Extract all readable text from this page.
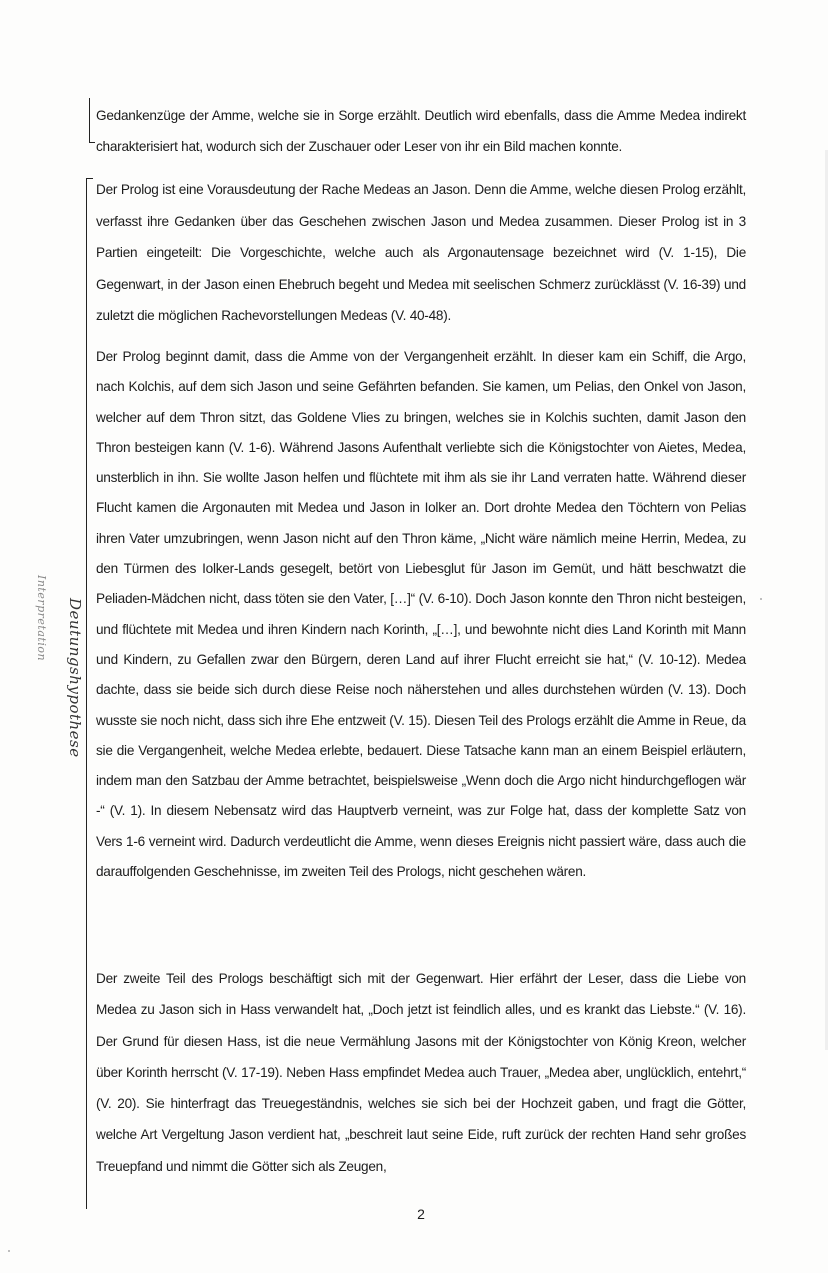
Interpretation Deutungshypothese

Gedankenzüge der Amme, welche sie in Sorge erzählt. Deutlich wird ebenfalls, dass die Amme Medea indirekt charakterisiert hat, wodurch sich der Zuschauer oder Leser von ihr ein Bild machen konnte.

Der Prolog ist eine Vorausdeutung der Rache Medeas an Jason. Denn die Amme, welche diesen Prolog erzählt, verfasst ihre Gedanken über das Geschehen zwischen Jason und Medea zusammen. Dieser Prolog ist in 3 Partien eingeteilt: Die Vorgeschichte, welche auch als Argonautensage bezeichnet wird (V. 1-15), Die Gegenwart, in der Jason einen Ehebruch begeht und Medea mit seelischen Schmerz zurücklässt (V. 16-39) und zuletzt die möglichen Rachevorstellungen Medeas (V. 40-48).

Der Prolog beginnt damit, dass die Amme von der Vergangenheit erzählt. In dieser kam ein Schiff, die Argo, nach Kolchis, auf dem sich Jason und seine Gefährten befanden. Sie kamen, um Pelias, den Onkel von Jason, welcher auf dem Thron sitzt, das Goldene Vlies zu bringen, welches sie in Kolchis suchten, damit Jason den Thron besteigen kann (V. 1-6). Während Jasons Aufenthalt verliebte sich die Königstochter von Aietes, Medea, unsterblich in ihn. Sie wollte Jason helfen und flüchtete mit ihm als sie ihr Land verraten hatte. Während dieser Flucht kamen die Argonauten mit Medea und Jason in Iolker an. Dort drohte Medea den Töchtern von Pelias ihren Vater umzubringen, wenn Jason nicht auf den Thron käme, „Nicht wäre nämlich meine Herrin, Medea, zu den Türmen des Iolker-Lands gesegelt, betört von Liebesglut für Jason im Gemüt, und hätt beschwatzt die Peliaden-Mädchen nicht, dass töten sie den Vater, […]“ (V. 6-10). Doch Jason konnte den Thron nicht besteigen, und flüchtete mit Medea und ihren Kindern nach Korinth, „[…], und bewohnte nicht dies Land Korinth mit Mann und Kindern, zu Gefallen zwar den Bürgern, deren Land auf ihrer Flucht erreicht sie hat,“ (V. 10-12). Medea dachte, dass sie beide sich durch diese Reise noch näherstehen und alles durchstehen würden (V. 13). Doch wusste sie noch nicht, dass sich ihre Ehe entzweit (V. 15). Diesen Teil des Prologs erzählt die Amme in Reue, da sie die Vergangenheit, welche Medea erlebte, bedauert. Diese Tatsache kann man an einem Beispiel erläutern, indem man den Satzbau der Amme betrachtet, beispielsweise „Wenn doch die Argo nicht hindurchgeflogen wär -“ (V. 1). In diesem Nebensatz wird das Hauptverb verneint, was zur Folge hat, dass der komplette Satz von Vers 1-6 verneint wird. Dadurch verdeutlicht die Amme, wenn dieses Ereignis nicht passiert wäre, dass auch die darauffolgenden Geschehnisse, im zweiten Teil des Prologs, nicht geschehen wären.

Der zweite Teil des Prologs beschäftigt sich mit der Gegenwart. Hier erfährt der Leser, dass die Liebe von Medea zu Jason sich in Hass verwandelt hat, „Doch jetzt ist feindlich alles, und es krankt das Liebste.“ (V. 16). Der Grund für diesen Hass, ist die neue Vermählung Jasons mit der Königstochter von König Kreon, welcher über Korinth herrscht (V. 17-19). Neben Hass empfindet Medea auch Trauer, „Medea aber, unglücklich, entehrt,“ (V. 20). Sie hinterfragt das Treuegeständnis, welches sie sich bei der Hochzeit gaben, und fragt die Götter, welche Art Vergeltung Jason verdient hat, „beschreit laut seine Eide, ruft zurück der rechten Hand sehr großes Treuepfand und nimmt die Götter sich als Zeugen,

2
